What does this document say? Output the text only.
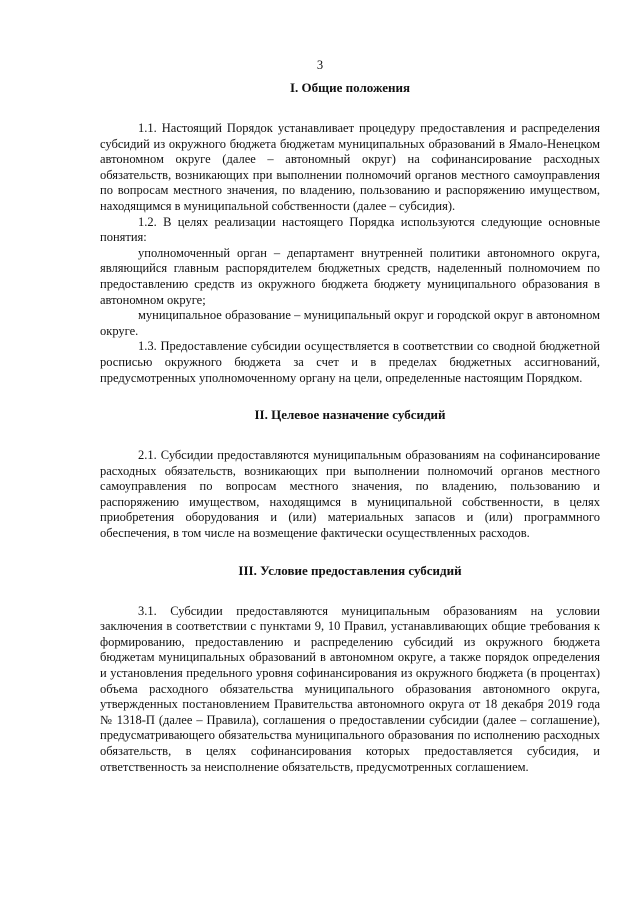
3
I. Общие положения

1.1. Настоящий Порядок устанавливает процедуру предоставления и распределения субсидий из окружного бюджета бюджетам муниципальных образований в Ямало-Ненецком автономном округе (далее – автономный округ) на софинансирование расходных обязательств, возникающих при выполнении полномочий органов местного самоуправления по вопросам местного значения, по владению, пользованию и распоряжению имуществом, находящимся в муниципальной собственности (далее – субсидия).

1.2. В целях реализации настоящего Порядка используются следующие основные понятия:

уполномоченный орган – департамент внутренней политики автономного округа, являющийся главным распорядителем бюджетных средств, наделенный полномочием по предоставлению средств из окружного бюджета бюджету муниципального образования в автономном округе;

муниципальное образование – муниципальный округ и городской округ в автономном округе.

1.3. Предоставление субсидии осуществляется в соответствии со сводной бюджетной росписью окружного бюджета за счет и в пределах бюджетных ассигнований, предусмотренных уполномоченному органу на цели, определенные настоящим Порядком.

II. Целевое назначение субсидий

2.1. Субсидии предоставляются муниципальным образованиям на софинансирование расходных обязательств, возникающих при выполнении полномочий органов местного самоуправления по вопросам местного значения, по владению, пользованию и распоряжению имуществом, находящимся в муниципальной собственности, в целях приобретения оборудования и (или) материальных запасов и (или) программного обеспечения, в том числе на возмещение фактически осуществленных расходов.

III. Условие предоставления субсидий

3.1. Субсидии предоставляются муниципальным образованиям на условии заключения в соответствии с пунктами 9, 10 Правил, устанавливающих общие требования к формированию, предоставлению и распределению субсидий из окружного бюджета бюджетам муниципальных образований в автономном округе, а также порядок определения и установления предельного уровня софинансирования из окружного бюджета (в процентах) объема расходного обязательства муниципального образования автономного округа, утвержденных постановлением Правительства автономного округа от 18 декабря 2019 года № 1318-П (далее – Правила), соглашения о предоставлении субсидии (далее – соглашение), предусматривающего обязательства муниципального образования по исполнению расходных обязательств, в целях софинансирования которых предоставляется субсидия, и ответственность за неисполнение обязательств, предусмотренных соглашением.
